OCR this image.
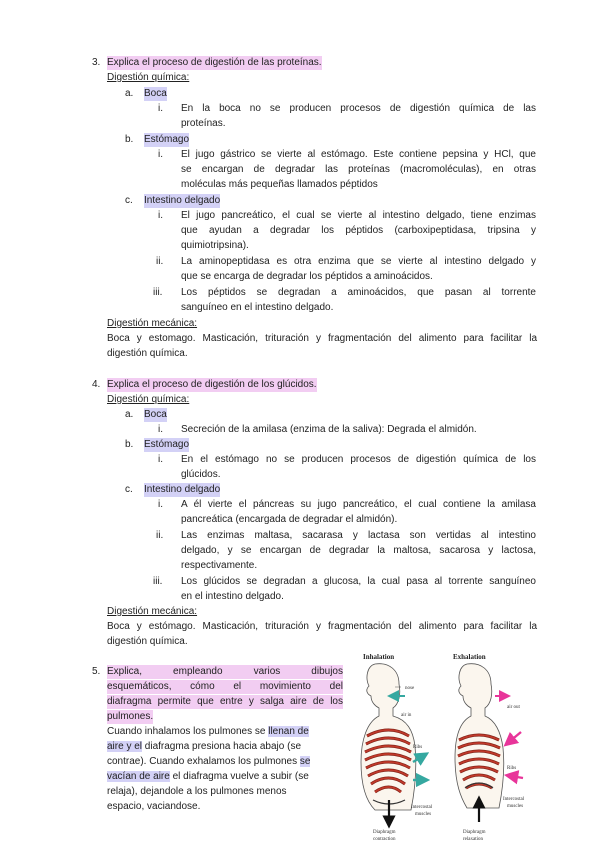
3. Explica el proceso de digestión de las proteínas.
Digestión química:
a. Boca
i. En la boca no se producen procesos de digestión química de las
proteínas.
b. Estómago
i. El jugo gástrico se vierte al estómago. Este contiene pepsina y HCl, que
se encargan de degradar las proteínas (macromoléculas), en otras
moléculas más pequeñas llamados péptidos
c. Intestino delgado
i. El jugo pancreático, el cual se vierte al intestino delgado, tiene enzimas
que ayudan a degradar los péptidos (carboxipeptidasa, tripsina y
quimiotripsina).
ii. La aminopeptidasa es otra enzima que se vierte al intestino delgado y
que se encarga de degradar los péptidos a aminoácidos.
iii. Los péptidos se degradan a aminoácidos, que pasan al torrente
sanguíneo en el intestino delgado.
Digestión mecánica:
Boca y estomago. Masticación, trituración y fragmentación del alimento para facilitar la
digestión química.
4. Explica el proceso de digestión de los glúcidos.
Digestión química:
a. Boca
i. Secreción de la amilasa (enzima de la saliva): Degrada el almidón.
b. Estómago
i. En el estómago no se producen procesos de digestión química de los
glúcidos.
c. Intestino delgado
i. A él vierte el páncreas su jugo pancreático, el cual contiene la amilasa
pancreática (encargada de degradar el almidón).
ii. Las enzimas maltasa, sacarasa y lactasa son vertidas al intestino
delgado, y se encargan de degradar la maltosa, sacarosa y lactosa,
respectivamente.
iii. Los glúcidos se degradan a glucosa, la cual pasa al torrente sanguíneo
en el intestino delgado.
Digestión mecánica:
Boca y estómago. Masticación, trituración y fragmentación del alimento para facilitar la
digestión química.
5. Explica, empleando varios dibujos
esquemáticos, cómo el movimiento del
diafragma permite que entre y salga aire de los
pulmones.
Cuando inhalamos los pulmones se llenan de
aire y el diafragma presiona hacia abajo (se
contrae). Cuando exhalamos los pulmones se
vacían de aire el diafragma vuelve a subir (se
relaja), dejandole a los pulmones menos
espacio, vaciandose.
Inhalation	Exhalation
nose
air in
Ribs
Intercostal
muscles
Diaphragm
contraction
air out
Ribs
Intercostal
muscles
Diaphragm
relaxation
